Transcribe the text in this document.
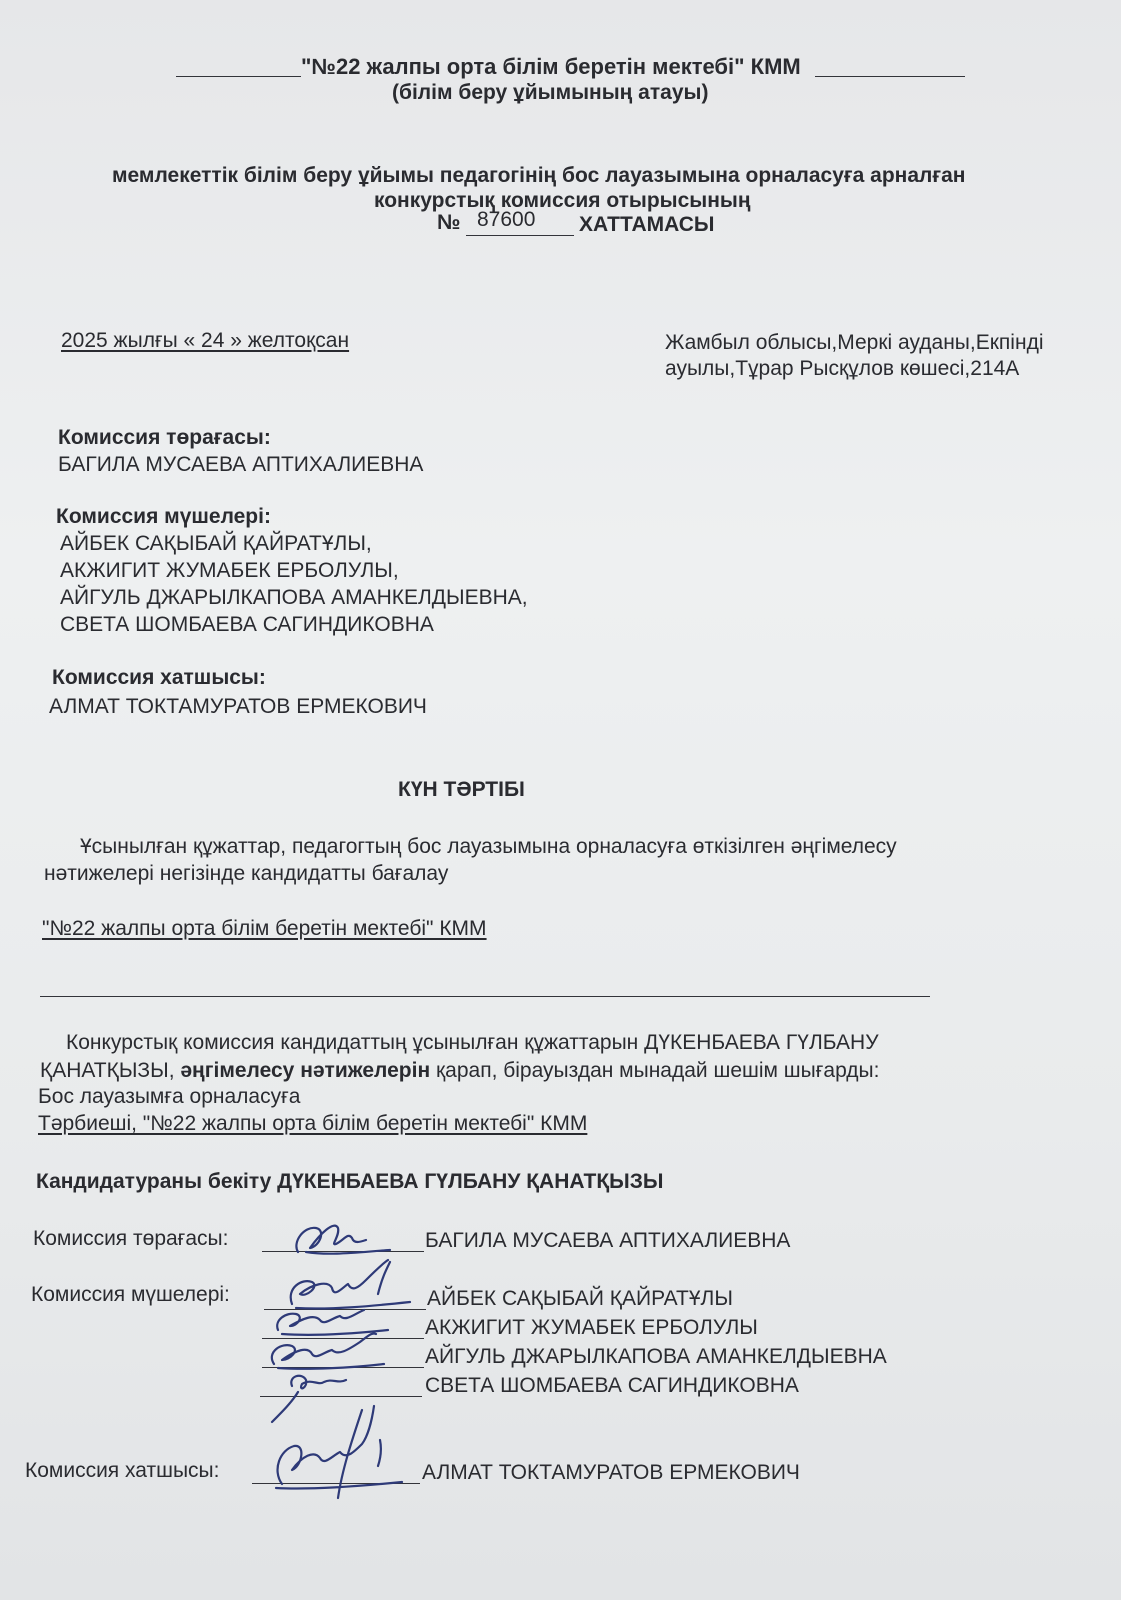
"№22 жалпы орта білім беретін мектебі" КММ
(білім беру ұйымының атауы)
мемлекеттік білім беру ұйымы педагогінің бос лауазымына орналасуға арналған
конкурстық комиссия отырысының
№ 87600 ХАТТАМАСЫ
2025 жылғы « 24 » желтоқсан	Жамбыл облысы,Меркі ауданы,Екпінді
ауылы,Тұрар Рысқұлов көшесі,214А
Комиссия төрағасы:
БАГИЛА МУСАЕВА АПТИХАЛИЕВНА
Комиссия мүшелері:
АЙБЕК САҚЫБАЙ ҚАЙРАТҰЛЫ,
АКЖИГИТ ЖУМАБЕК ЕРБОЛУЛЫ,
АЙГУЛЬ ДЖАРЫЛКАПОВА АМАНКЕЛДЫЕВНА,
СВЕТА ШОМБАЕВА САГИНДИКОВНА
Комиссия хатшысы:
АЛМАТ ТОКТАМУРАТОВ ЕРМЕКОВИЧ
КҮН ТӘРТІБІ
Ұсынылған құжаттар, педагогтың бос лауазымына орналасуға өткізілген әңгімелесу
нәтижелері негізінде кандидатты бағалау
"№22 жалпы орта білім беретін мектебі" КММ
Конкурстық комиссия кандидаттың ұсынылған құжаттарын ДҮКЕНБАЕВА ГҮЛБАНУ
ҚАНАТҚЫЗЫ, әңгімелесу нәтижелерін қарап, бірауыздан мынадай шешім шығарды:
Бос лауазымға орналасуға
Тәрбиеші, "№22 жалпы орта білім беретін мектебі" КММ
Кандидатураны бекіту ДҮКЕНБАЕВА ГҮЛБАНУ ҚАНАТҚЫЗЫ
Комиссия төрағасы:	БАГИЛА МУСАЕВА АПТИХАЛИЕВНА
Комиссия мүшелері:	АЙБЕК САҚЫБАЙ ҚАЙРАТҰЛЫ
АКЖИГИТ ЖУМАБЕК ЕРБОЛУЛЫ
АЙГУЛЬ ДЖАРЫЛКАПОВА АМАНКЕЛДЫЕВНА
СВЕТА ШОМБАЕВА САГИНДИКОВНА
Комиссия хатшысы:	АЛМАТ ТОКТАМУРАТОВ ЕРМЕКОВИЧ
